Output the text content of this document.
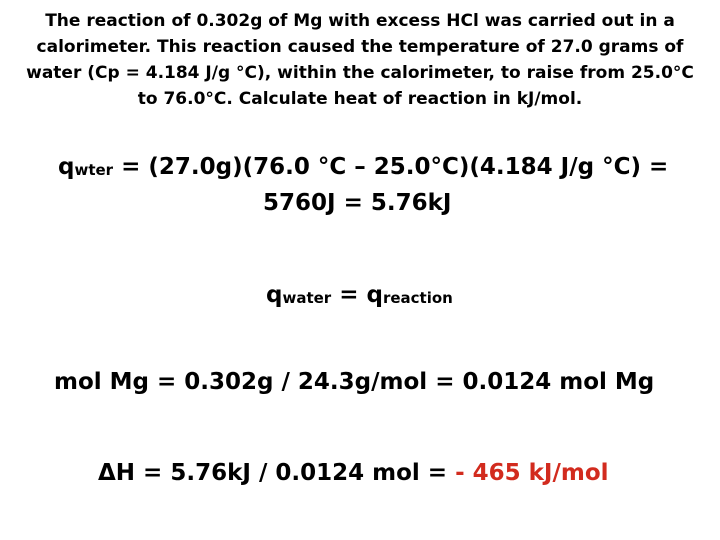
The reaction of 0.302g of Mg with excess HCl was carried out in a
calorimeter. This reaction caused the temperature of 27.0 grams of
water (Cp = 4.184 J/g °C), within the calorimeter, to raise from 25.0°C
to 76.0°C. Calculate heat of reaction in kJ/mol.
qwter = (27.0g)(76.0 °C – 25.0°C)(4.184 J/g °C) =
5760J = 5.76kJ
qwater = qreaction
mol Mg = 0.302g / 24.3g/mol = 0.0124 mol Mg
ΔH = 5.76kJ / 0.0124 mol = - 465 kJ/mol
